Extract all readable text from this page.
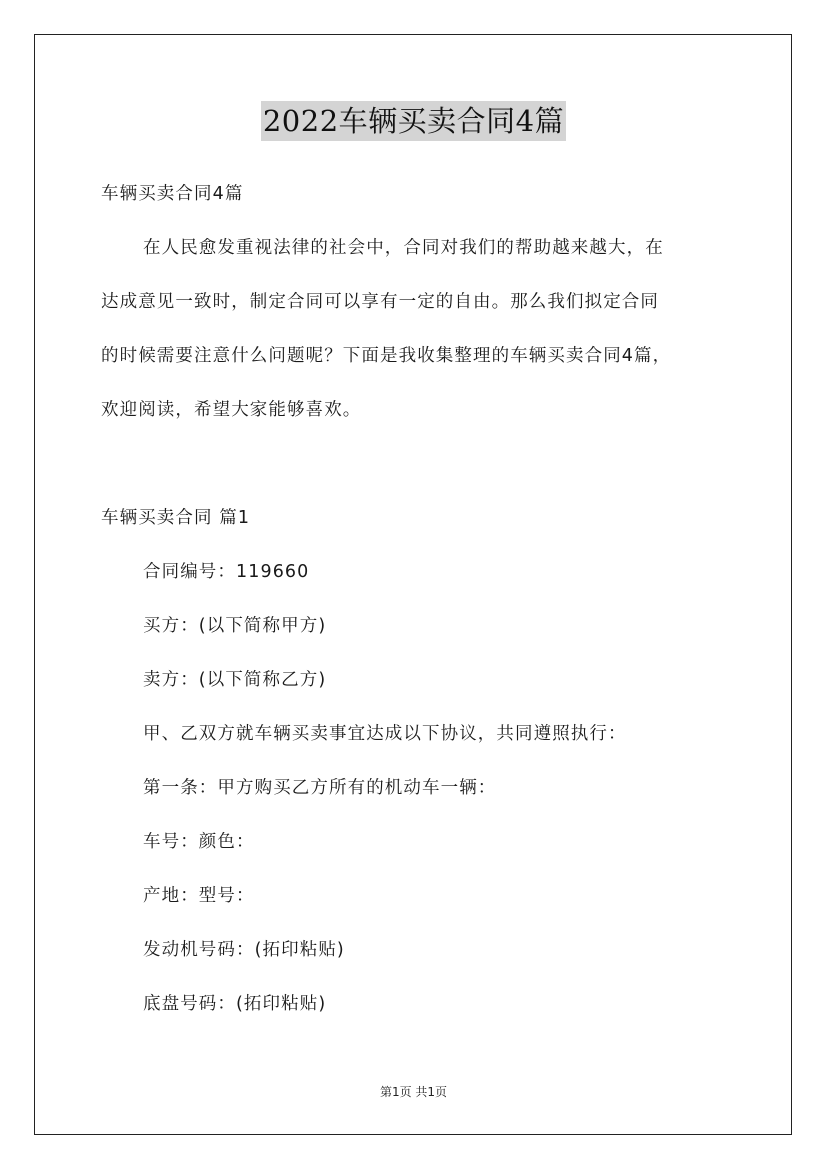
2022车辆买卖合同4篇
车辆买卖合同4篇
在人民愈发重视法律的社会中，合同对我们的帮助越来越大，在
达成意见一致时，制定合同可以享有一定的自由。那么我们拟定合同
的时候需要注意什么问题呢？下面是我收集整理的车辆买卖合同4篇，
欢迎阅读，希望大家能够喜欢。
车辆买卖合同 篇1
合同编号：119660
买方：(以下简称甲方)
卖方：(以下简称乙方)
甲、乙双方就车辆买卖事宜达成以下协议，共同遵照执行：
第一条：甲方购买乙方所有的机动车一辆：
车号：颜色：
产地：型号：
发动机号码：(拓印粘贴)
底盘号码：(拓印粘贴)
第1页 共1页
